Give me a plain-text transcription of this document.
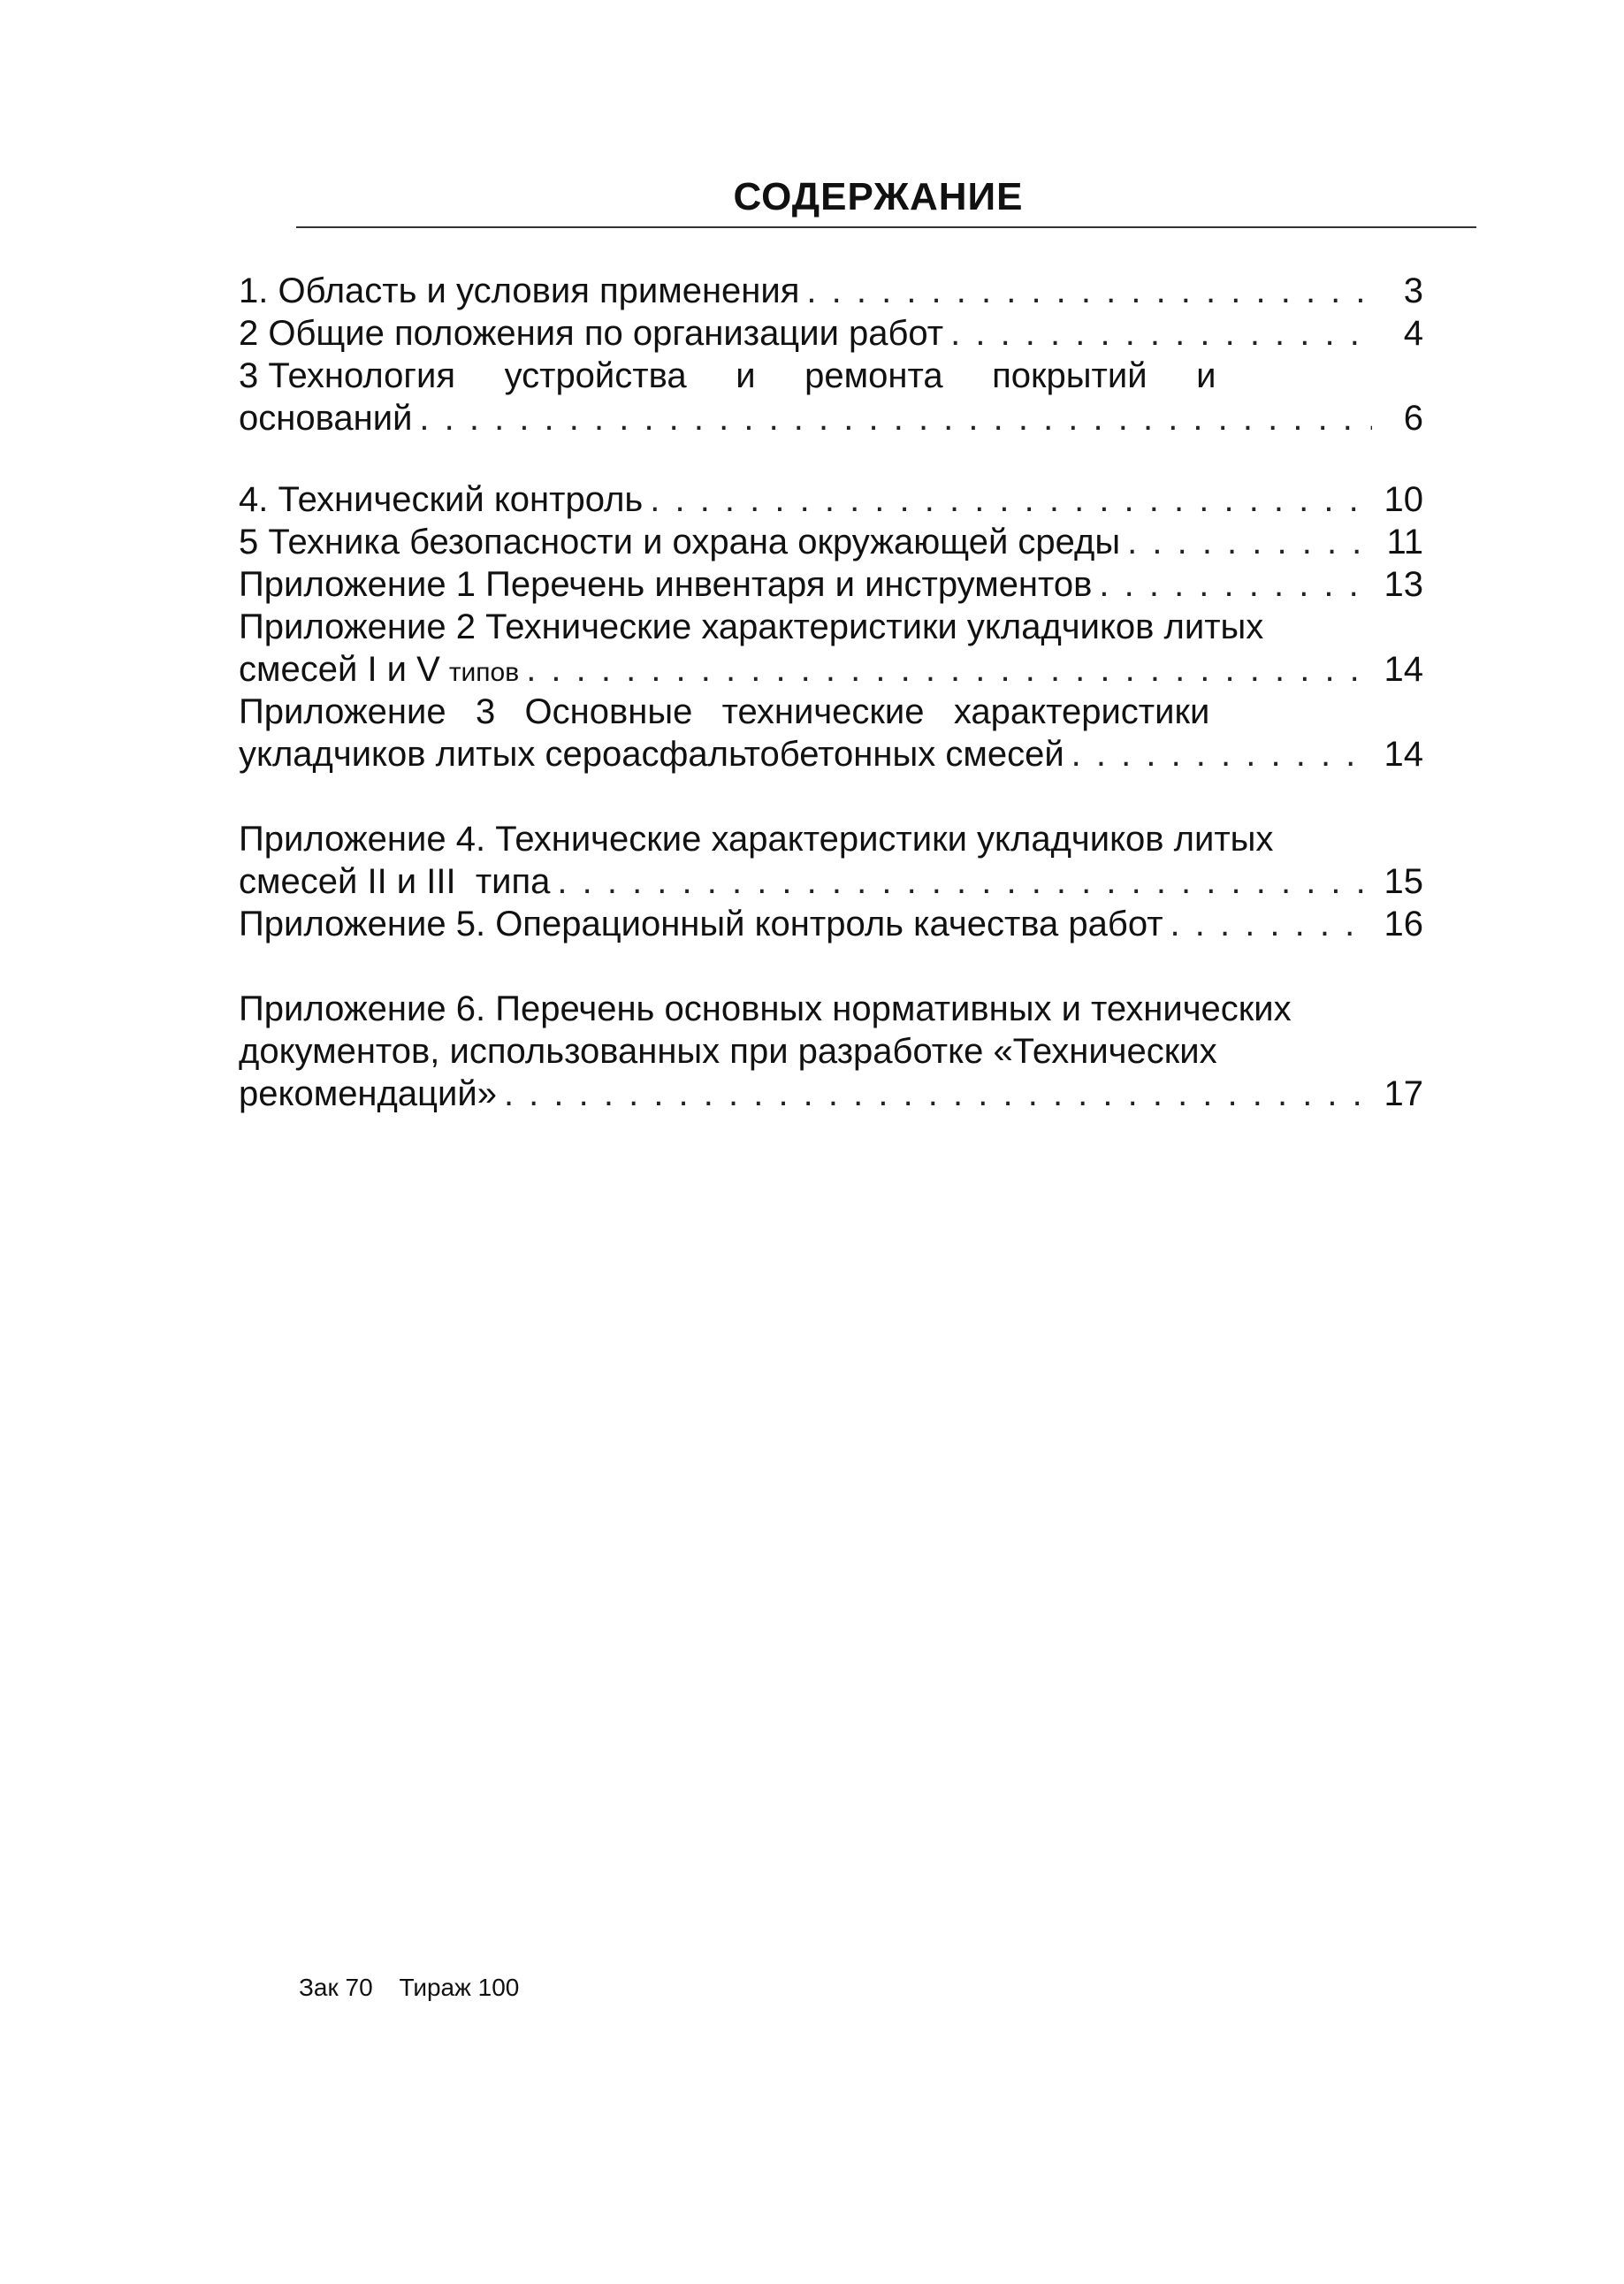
СОДЕРЖАНИЕ
1. Область и условия применения . . .	3
2 Общие положения по организации работ . . .	4
3 Технология     устройства     и     ремонта     покрытий     и
оснований . . .	6
4. Технический контроль . . .	10
5 Техника безопасности и охрана окружающей среды . . .	11
Приложение 1 Перечень инвентаря и инструментов . . .	13
Приложение 2 Технические характеристики укладчиков литых
смесей I и V типов . . .	14
Приложение   3   Основные   технические   характеристики
укладчиков литых сероасфальтобетонных смесей . . .	14
Приложение 4. Технические характеристики укладчиков литых
смесей II и III  типа . . .	15
Приложение 5. Операционный контроль качества работ . . .	16
Приложение 6. Перечень основных нормативных и технических
документов, использованных при разработке «Технических
рекомендаций» . . .	17
Зак 70 Тираж 100
